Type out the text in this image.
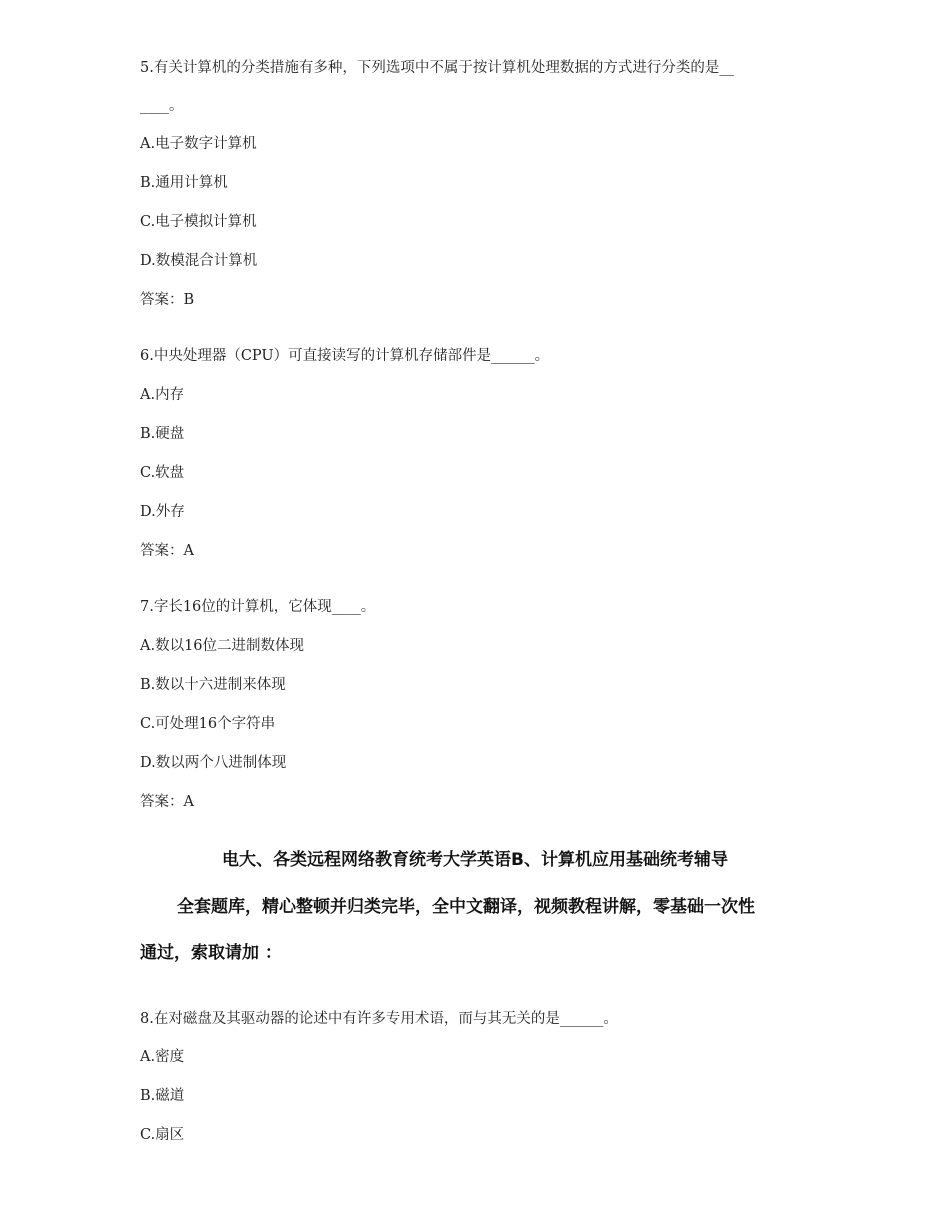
5.有关计算机的分类措施有多种，下列选项中不属于按计算机处理数据的方式进行分类的是__
____。
A.电子数字计算机
B.通用计算机
C.电子模拟计算机
D.数模混合计算机
答案：B
6.中央处理器（CPU）可直接读写的计算机存储部件是______。
A.内存
B.硬盘
C.软盘
D.外存
答案：A
7.字长16位的计算机，它体现____。
A.数以16位二进制数体现
B.数以十六进制来体现
C.可处理16个字符串
D.数以两个八进制体现
答案：A
电大、各类远程网络教育统考大学英语B、计算机应用基础统考辅导
全套题库，精心整顿并归类完毕，全中文翻译，视频教程讲解，零基础一次性
通过，索取请加 ：
8.在对磁盘及其驱动器的论述中有许多专用术语，而与其无关的是______。
A.密度
B.磁道
C.扇区
